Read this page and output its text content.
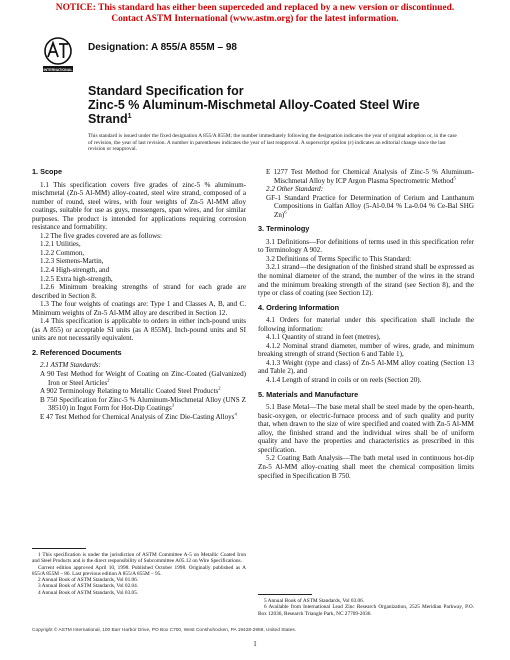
NOTICE: This standard has either been superceded and replaced by a new version or discontinued.
Contact ASTM International (www.astm.org) for the latest information.
INTERNATIONAL
Designation: A 855/A 855M – 98
Standard Specification for
Zinc-5 % Aluminum-Mischmetal Alloy-Coated Steel Wire
Strand$^1$
This standard is issued under the fixed designation A 855/A 855M; the number immediately following the designation indicates the year of original adoption or, in the case of revision, the year of last revision. A number in parentheses indicates the year of last reapproval. A superscript epsilon (ε) indicates an editorial change since the last revision or reapproval.
1. Scope

1.1 This specification covers five grades of zinc-5 % aluminum-mischmetal (Zn-5 Al-MM) alloy-coated, steel wire strand, composed of a number of round, steel wires, with four weights of Zn-5 Al-MM alloy coatings, suitable for use as guys, messengers, span wires, and for similar purposes. The product is intended for applications requiring corrosion resistance and formability.

1.2 The five grades covered are as follows:

1.2.1 Utilities,

1.2.2 Common,

1.2.3 Siemens-Martin,

1.2.4 High-strength, and

1.2.5 Extra high-strength,

1.2.6 Minimum breaking strengths of strand for each grade are described in Section 8.

1.3 The four weights of coatings are: Type 1 and Classes A, B, and C. Minimum weights of Zn-5 Al-MM alloy are described in Section 12.

1.4 This specification is applicable to orders in either inch-pound units (as A 855) or acceptable SI units (as A 855M). Inch-pound units and SI units are not necessarily equivalent.

2. Referenced Documents

2.1 ASTM Standards:

A 90 Test Method for Weight of Coating on Zinc-Coated (Galvanized) Iron or Steel Articles$^2$

A 902 Terminology Relating to Metallic Coated Steel Products$^2$

B 750 Specification for Zinc-5 % Aluminum-Mischmetal Alloy (UNS Z 38510) in Ingot Form for Hot-Dip Coatings$^3$

E 47 Test Method for Chemical Analysis of Zinc Die-Casting Alloys$^4$

1 This specification is under the jurisdiction of ASTM Committee A-5 on Metallic Coated Iron and Steel Products and is the direct responsibility of Subcommittee A05.12 on Wire Specifications.

Current edition approved April 10, 1998. Published October 1998. Originally published as A 855/A 855M – 86. Last previous edition A 855/A 855M – 95.

2 Annual Book of ASTM Standards, Vol 01.06.

3 Annual Book of ASTM Standards, Vol 02.04.

4 Annual Book of ASTM Standards, Vol 03.05.

E 1277 Test Method for Chemical Analysis of Zinc-5 % Aluminum-Mischmetal Alloy by ICP Argon Plasma Spectrometric Method$^5$

2.2 Other Standard:

GF-1 Standard Practice for Determination of Cerium and Lanthanum Compositions in Galfan Alloy (5-Al-0.04 % La-0.04 % Ce-Bal SHG Zn)$^6$

3. Terminology

3.1 Definitions—For definitions of terms used in this specification refer to Terminology A 902.

3.2 Definitions of Terms Specific to This Standard:

3.2.1 strand—the designation of the finished strand shall be expressed as the nominal diameter of the strand, the number of the wires in the strand and the minimum breaking strength of the strand (see Section 8), and the type or class of coating (see Section 12).

4. Ordering Information

4.1 Orders for material under this specification shall include the following information:

4.1.1 Quantity of strand in feet (metres),

4.1.2 Nominal strand diameter, number of wires, grade, and minimum breaking strength of strand (Section 6 and Table 1),

4.1.3 Weight (type and class) of Zn-5 Al-MM alloy coating (Section 13 and Table 2), and

4.1.4 Length of strand in coils or on reels (Section 20).

5. Materials and Manufacture

5.1 Base Metal—The base metal shall be steel made by the open-hearth, basic-oxygen, or electric-furnace process and of such quality and purity that, when drawn to the size of wire specified and coated with Zn-5 Al-MM alloy, the finished strand and the individual wires shall be of uniform quality and have the properties and characteristics as prescribed in this specification.

5.2 Coating Bath Analysis—The bath metal used in continuous hot-dip Zn-5 Al-MM alloy-coating shall meet the chemical composition limits specified in Specification B 750.

5 Annual Book of ASTM Standards, Vol 03.06.

6 Available from International Lead Zinc Research Organization, 2525 Meridian Parkway, P.O. Box 12036, Research Triangle Park, NC 27709-2036.

Copyright © ASTM International, 100 Barr Harbor Drive, PO Box C700, West Conshohocken, PA 19428-2959, United States.
1
